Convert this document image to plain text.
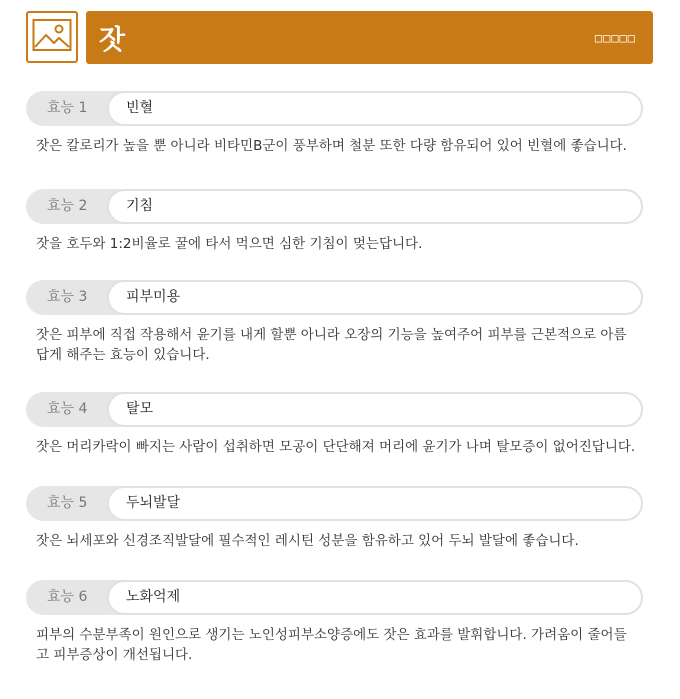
잣	□□□□□
효능 1	빈혈
잣은 칼로리가 높을 뿐 아니라 비타민B군이 풍부하며 철분 또한 다량 함유되어 있어 빈혈에 좋습니다.
효능 2	기침
잣을 호두와 1:2비율로 꿀에 타서 먹으면 심한 기침이 멎는답니다.
효능 3	피부미용
잣은 피부에 직접 작용해서 윤기를 내게 할뿐 아니라 오장의 기능을 높여주어 피부를 근본적으로 아름답게 해주는 효능이 있습니다.
효능 4	탈모
잣은 머리카락이 빠지는 사람이 섭취하면 모공이 단단해져 머리에 윤기가 나며 탈모증이 없어진답니다.
효능 5	두뇌발달
잣은 뇌세포와 신경조직발달에 필수적인 레시틴 성분을 함유하고 있어 두뇌 발달에 좋습니다.
효능 6	노화억제
피부의 수분부족이 원인으로 생기는 노인성피부소양증에도 잣은 효과를 발휘합니다. 가려움이 줄어들고 피부증상이 개선됩니다.
